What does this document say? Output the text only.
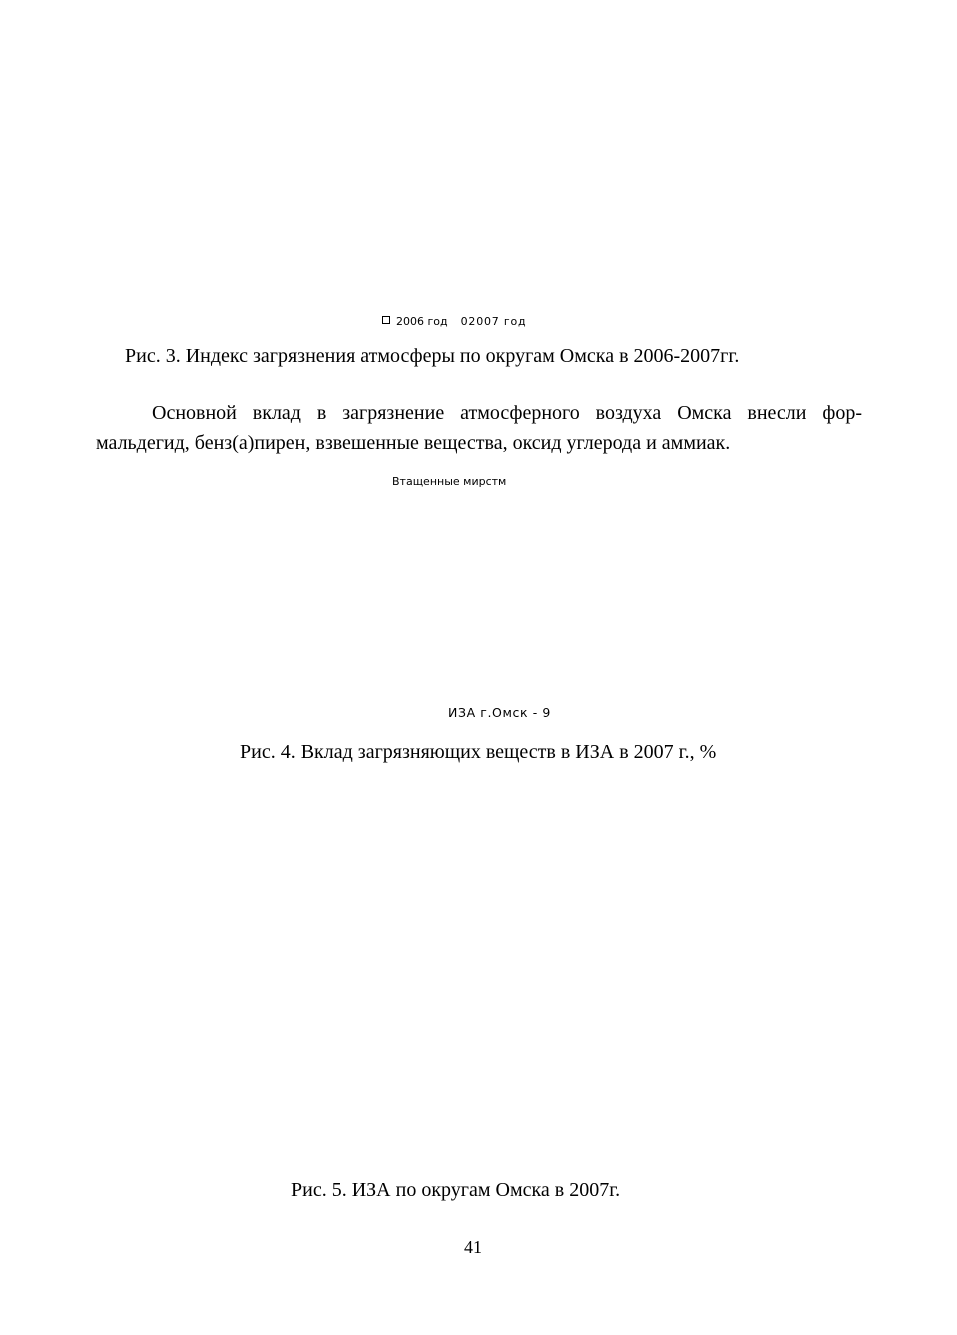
2006 год 02007 год
Рис. 3. Индекс загрязнения атмосферы по округам Омска в 2006-2007гг.
Основной вклад в загрязнение атмосферного воздуха Омска внесли фор-
мальдегид, бенз(а)пирен, взвешенные вещества, оксид углерода и аммиак.
Втащенные мирстм
ИЗА г.Омск - 9
Рис. 4. Вклад загрязняющих веществ в ИЗА в 2007 г., %
Рис. 5. ИЗА по округам Омска в 2007г.
41
